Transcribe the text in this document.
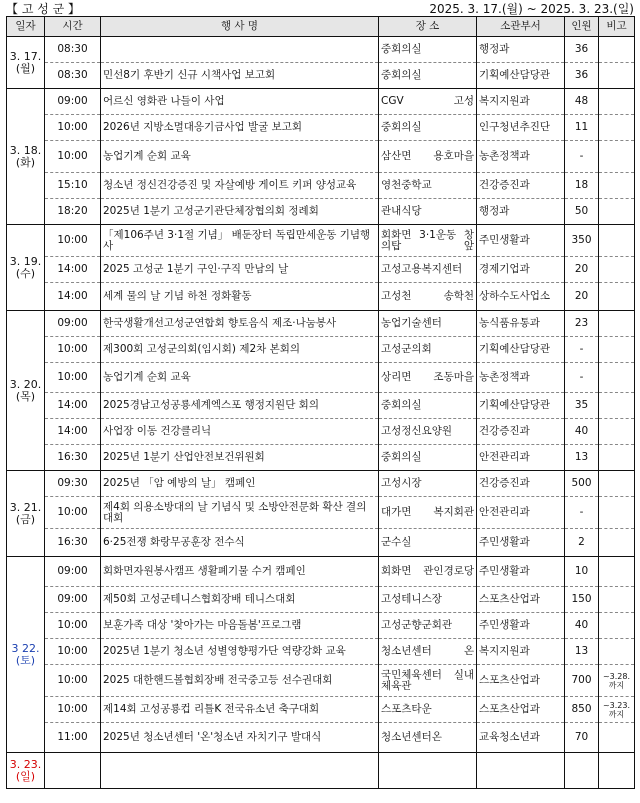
【 고 성 군 】	2025. 3. 17.(월) ~ 2025. 3. 23.(일)
일자	시간	행 사 명	장 소	소관부서	인원	비고

3. 17.
(월)	08:30		중회의실	행정과	36	
	08:30	민선8기 후반기 신규 시책사업 보고회	중회의실	기획예산담당관	36	

3. 18.
(화)	09:00	어르신 영화관 나들이 사업	CGV 고성	복지지원과	48	
	10:00	2026년 지방소멸대응기금사업 발굴 보고회	중회의실	인구청년추진단	11	
	10:00	농업기계 순회 교육	삼산면 용호마을	농촌정책과	-	
	15:10	청소년 정신건강증진 및 자살예방 게이트 키퍼 양성교육	영천중학교	건강증진과	18	
	18:20	2025년 1분기 고성군기관단체장협의회 정례회	관내식당	행정과	50	

3. 19.
(수)	10:00	「제106주년 3·1절 기념」 배둔장터 독립만세운동 기념행사	회화면 3·1운동 창의탑 앞	주민생활과	350	
	14:00	2025 고성군 1분기 구인·구직 만남의 날	고성고용복지센터	경제기업과	20	
	14:00	세계 물의 날 기념 하천 정화활동	고성천 송학천	상하수도사업소	20	

3. 20.
(목)	09:00	한국생활개선고성군연합회 향토음식 제조·나눔봉사	농업기술센터	농식품유통과	23	
	10:00	제300회 고성군의회(임시회) 제2차 본회의	고성군의회	기획예산담당관	-	
	10:00	농업기계 순회 교육	상리면 조동마을	농촌정책과	-	
	14:00	2025경남고성공룡세계엑스포 행정지원단 회의	중회의실	기획예산담당관	35	
	14:00	사업장 이동 건강클리닉	고성정신요양원	건강증진과	40	
	16:30	2025년 1분기 산업안전보건위원회	중회의실	안전관리과	13	

3. 21.
(금)	09:30	2025년 「암 예방의 날」 캠페인	고성시장	건강증진과	500	
	10:00	제4회 의용소방대의 날 기념식 및 소방안전문화 확산 결의대회	대가면 복지회관	안전관리과	-	
	16:30	6·25전쟁 화랑무공훈장 전수식	군수실	주민생활과	2	

3 22.
(토)	09:00	회화면자원봉사캠프 생활폐기물 수거 캠페인	회화면 관인경로당	주민생활과	10	
	09:00	제50회 고성군테니스협회장배 테니스대회	고성테니스장	스포츠산업과	150	
	10:00	보훈가족 대상 '찾아가는 마음돌봄'프로그램	고성군향군회관	주민생활과	40	
	10:00	2025년 1분기 청소년 성별영향평가단 역량강화 교육	청소년센터 온	복지지원과	13	
	10:00	2025 대한핸드볼협회장배 전국중고등 선수권대회	국민체육센터 실내체육관	스포츠산업과	700	~3.28. 까지
	10:00	제14회 고성공룡컵 리틀K 전국유소년 축구대회	스포츠타운	스포츠산업과	850	~3.23. 까지
	11:00	2025년 청소년센터 '온'청소년 자치기구 발대식	청소년센터온	교육청소년과	70	

3. 23.
(일)						
